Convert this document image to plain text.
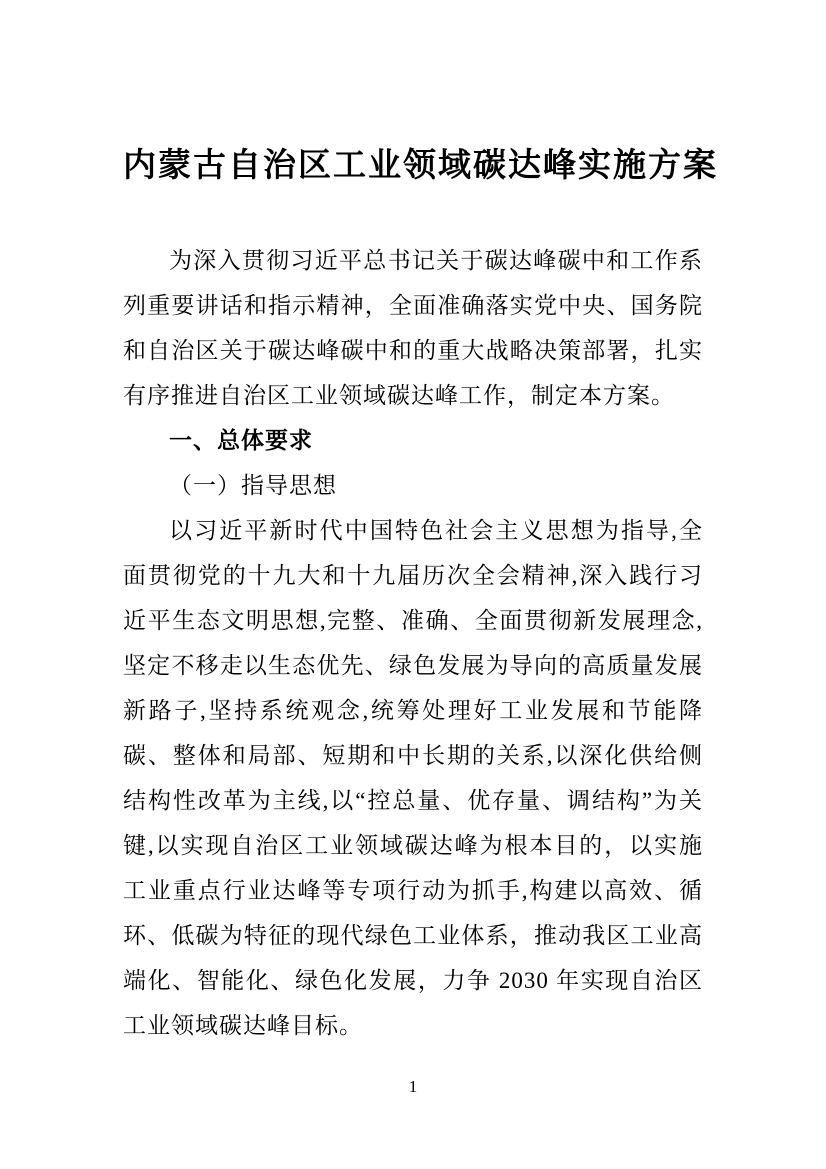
内蒙古自治区工业领域碳达峰实施方案

为深入贯彻习近平总书记关于碳达峰碳中和工作系列重要讲话和指示精神，全面准确落实党中央、国务院和自治区关于碳达峰碳中和的重大战略决策部署，扎实有序推进自治区工业领域碳达峰工作，制定本方案。

一、总体要求
（一）指导思想

以习近平新时代中国特色社会主义思想为指导,全面贯彻党的十九大和十九届历次全会精神,深入践行习近平生态文明思想,完整、准确、全面贯彻新发展理念,坚定不移走以生态优先、绿色发展为导向的高质量发展新路子,坚持系统观念,统筹处理好工业发展和节能降碳、整体和局部、短期和中长期的关系,以深化供给侧结构性改革为主线,以“控总量、优存量、调结构”为关键,以实现自治区工业领域碳达峰为根本目的，以实施工业重点行业达峰等专项行动为抓手,构建以高效、循环、低碳为特征的现代绿色工业体系，推动我区工业高端化、智能化、绿色化发展，力争 2030 年实现自治区工业领域碳达峰目标。

1
